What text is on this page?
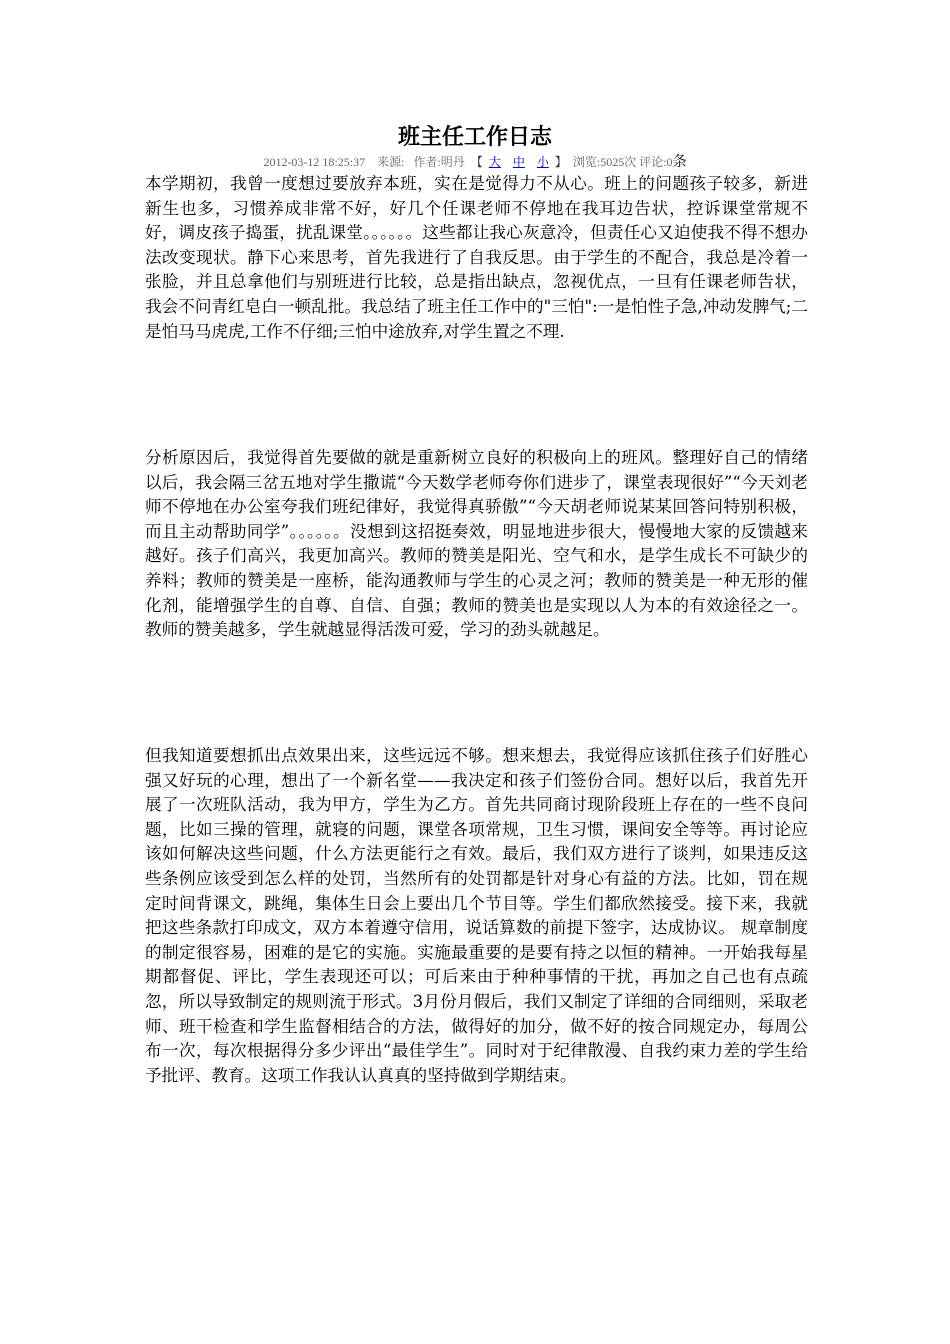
班主任工作日志
2012-03-12 18:25:37 来源: 作者:明丹 【 大 中 小 】 浏览:5025次 评论:0条
本学期初，我曾一度想过要放弃本班，实在是觉得力不从心。班上的问题孩子较多，新进新生也多，习惯养成非常不好，好几个任课老师不停地在我耳边告状，控诉课堂常规不好，调皮孩子捣蛋，扰乱课堂。。。。。。这些都让我心灰意冷，但责任心又迫使我不得不想办法改变现状。静下心来思考，首先我进行了自我反思。由于学生的不配合，我总是冷着一张脸，并且总拿他们与别班进行比较，总是指出缺点，忽视优点，一旦有任课老师告状，我会不问青红皂白一顿乱批。我总结了班主任工作中的"三怕":一是怕性子急,冲动发脾气;二是怕马马虎虎,工作不仔细;三怕中途放弃,对学生置之不理.
分析原因后，我觉得首先要做的就是重新树立良好的积极向上的班风。整理好自己的情绪以后，我会隔三岔五地对学生撒谎“今天数学老师夸你们进步了，课堂表现很好”“今天刘老师不停地在办公室夸我们班纪律好，我觉得真骄傲”“今天胡老师说某某回答问特别积极，而且主动帮助同学”。。。。。。没想到这招挺奏效，明显地进步很大，慢慢地大家的反馈越来越好。孩子们高兴，我更加高兴。教师的赞美是阳光、空气和水，是学生成长不可缺少的养料；教师的赞美是一座桥，能沟通教师与学生的心灵之河；教师的赞美是一种无形的催化剂，能增强学生的自尊、自信、自强；教师的赞美也是实现以人为本的有效途径之一。教师的赞美越多，学生就越显得活泼可爱，学习的劲头就越足。
但我知道要想抓出点效果出来，这些远远不够。想来想去，我觉得应该抓住孩子们好胜心强又好玩的心理，想出了一个新名堂——我决定和孩子们签份合同。想好以后，我首先开展了一次班队活动，我为甲方，学生为乙方。首先共同商讨现阶段班上存在的一些不良问题，比如三操的管理，就寝的问题，课堂各项常规，卫生习惯，课间安全等等。再讨论应该如何解决这些问题，什么方法更能行之有效。最后，我们双方进行了谈判，如果违反这些条例应该受到怎么样的处罚，当然所有的处罚都是针对身心有益的方法。比如，罚在规定时间背课文，跳绳，集体生日会上要出几个节目等。学生们都欣然接受。接下来，我就把这些条款打印成文，双方本着遵守信用，说话算数的前提下签字，达成协议。 规章制度的制定很容易，困难的是它的实施。实施最重要的是要有持之以恒的精神。一开始我每星期都督促、评比，学生表现还可以；可后来由于种种事情的干扰，再加之自己也有点疏忽，所以导致制定的规则流于形式。3月份月假后，我们又制定了详细的合同细则，采取老师、班干检查和学生监督相结合的方法，做得好的加分，做不好的按合同规定办，每周公布一次，每次根据得分多少评出“最佳学生”。同时对于纪律散漫、自我约束力差的学生给予批评、教育。这项工作我认认真真的坚持做到学期结束。
